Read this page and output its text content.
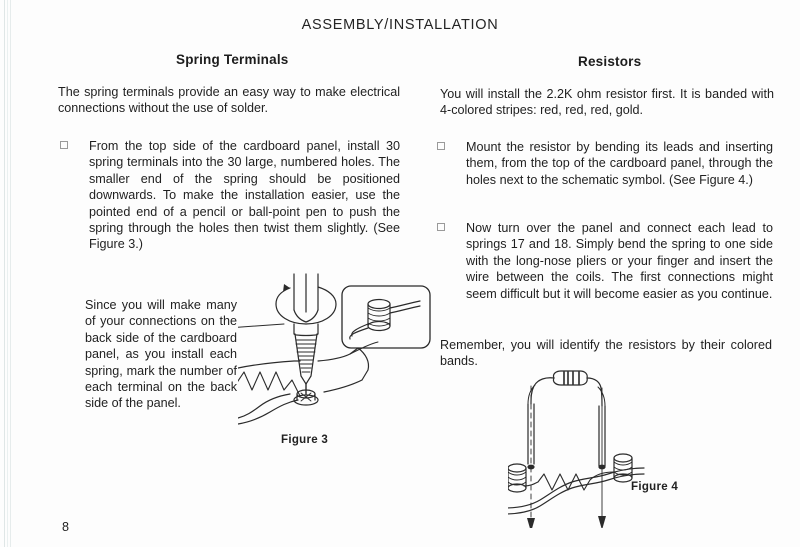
ASSEMBLY/INSTALLATION
Spring Terminals
The spring terminals provide an easy way to make electrical connections without the use of solder.
From the top side of the cardboard panel, install 30 spring terminals into the 30 large, numbered holes. The smaller end of the spring should be positioned downwards. To make the installation easier, use the pointed end of a pencil or ball-point pen to push the spring through the holes then twist them slightly. (See Figure 3.)
Since you will make many of your connections on the back side of the cardboard panel, as you install each spring, mark the number of each terminal on the back side of the panel.
Resistors
You will install the 2.2K ohm resistor first. It is banded with 4-colored stripes: red, red, red, gold.
Mount the resistor by bending its leads and inserting them, from the top of the cardboard panel, through the holes next to the schematic symbol. (See Figure 4.)
Now turn over the panel and connect each lead to springs 17 and 18. Simply bend the spring to one side with the long-nose pliers or your finger and insert the wire between the coils. The first connections might seem difficult but it will become easier as you continue.
Remember, you will identify the resistors by their colored bands.
Figure 3
Figure 4
8
